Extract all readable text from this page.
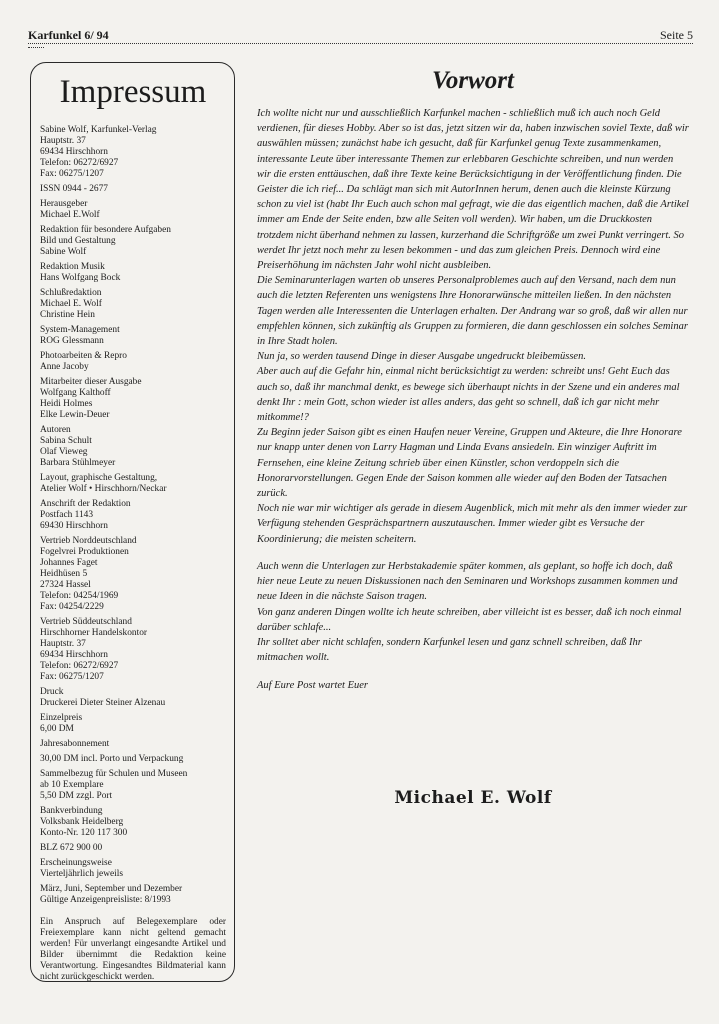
Karfunkel 6/ 94	Seite 5
Impressum
Sabine Wolf, Karfunkel-Verlag
Hauptstr. 37
69434 Hirschhorn
Telefon: 06272/6927
Fax: 06275/1207
ISSN 0944 - 2677
Herausgeber
Michael E.Wolf
Redaktion für besondere Aufgaben
Bild und Gestaltung
Sabine Wolf
Redaktion Musik
Hans Wolfgang Bock
Schlußredaktion
Michael E. Wolf
Christine Hein
System-Management
ROG Glessmann
Photoarbeiten & Repro
Anne Jacoby
Mitarbeiter dieser Ausgabe
Wolfgang Kalthoff
Heidi Holmes
Elke Lewin-Deuer
Autoren
Sabina Schult
Olaf Vieweg
Barbara Stühlmeyer
Layout, graphische Gestaltung,
Atelier Wolf • Hirschhorn/Neckar
Anschrift der Redaktion
Postfach 1143
69430 Hirschhorn
Vertrieb Norddeutschland
Fogelvrei Produktionen
Johannes Faget
Heidhüsen 5
27324 Hassel
Telefon: 04254/1969
Fax: 04254/2229
Vertrieb Süddeutschland
Hirschhorner Handelskontor
Hauptstr. 37
69434 Hirschhorn
Telefon: 06272/6927
Fax: 06275/1207
Druck
Druckerei Dieter Steiner Alzenau
Einzelpreis
6,00 DM
Jahresabonnement
30,00 DM incl. Porto und Verpackung
Sammelbezug für Schulen und Museen
ab 10 Exemplare
5,50 DM zzgl. Port
Bankverbindung
Volksbank Heidelberg
Konto-Nr. 120 117 300
BLZ 672 900 00
Erscheinungsweise
Vierteljährlich jeweils
März, Juni, September und Dezember
Gültige Anzeigenpreisliste: 8/1993
Ein Anspruch auf Belegexemplare oder Freiexemplare kann nicht geltend gemacht werden! Für unverlangt eingesandte Artikel und Bilder übernimmt die Redaktion keine Verantwortung. Eingesandtes Bildmaterial kann nicht zurückgeschickt werden.
Vorwort

Ich wollte nicht nur und ausschließlich Karfunkel machen - schließlich muß ich auch noch Geld verdienen, für dieses Hobby. Aber so ist das, jetzt sitzen wir da, haben inzwischen soviel Texte, daß wir auswählen müssen; zunächst habe ich gesucht, daß für Karfunkel genug Texte zusammenkamen, interessante Leute über interessante Themen zur erlebbaren Geschichte schreiben, und nun werden wir die ersten enttäuschen, daß ihre Texte keine Berücksichtigung in der Veröffentlichung finden. Die Geister die ich rief... Da schlägt man sich mit AutorInnen herum, denen auch die kleinste Kürzung schon zu viel ist (habt Ihr Euch auch schon mal gefragt, wie die das eigentlich machen, daß die Artikel immer am Ende der Seite enden, bzw alle Seiten voll werden). Wir haben, um die Druckkosten trotzdem nicht überhand nehmen zu lassen, kurzerhand die Schriftgröße um zwei Punkt verringert. So werdet Ihr jetzt noch mehr zu lesen bekommen - und das zum gleichen Preis. Dennoch wird eine Preiserhöhung im nächsten Jahr wohl nicht ausbleiben.

Die Seminarunterlagen warten ob unseres Personalproblemes auch auf den Versand, nach dem nun auch die letzten Referenten uns wenigstens Ihre Honorarwünsche mitteilen ließen. In den nächsten Tagen werden alle Interessenten die Unterlagen erhalten. Der Andrang war so groß, daß wir allen nur empfehlen können, sich zukünftig als Gruppen zu formieren, die dann geschlossen ein solches Seminar in Ihre Stadt holen.

Nun ja, so werden tausend Dinge in dieser Ausgabe ungedruckt bleibemüssen.

Aber auch auf die Gefahr hin, einmal nicht berücksichtigt zu werden: schreibt uns! Geht Euch das auch so, daß ihr manchmal denkt, es bewege sich überhaupt nichts in der Szene und ein anderes mal denkt Ihr : mein Gott, schon wieder ist alles anders, das geht so schnell, daß ich gar nicht mehr mitkomme!?

Zu Beginn jeder Saison gibt es einen Haufen neuer Vereine, Gruppen und Akteure, die Ihre Honorare nur knapp unter denen von Larry Hagman und Linda Evans ansiedeln. Ein winziger Auftritt im Fernsehen, eine kleine Zeitung schrieb über einen Künstler, schon verdoppeln sich die Honorarvorstellungen. Gegen Ende der Saison kommen alle wieder auf den Boden der Tatsachen zurück.

Noch nie war mir wichtiger als gerade in diesem Augenblick, mich mit mehr als den immer wieder zur Verfügung stehenden Gesprächspartnern auszutauschen. Immer wieder gibt es Versuche der Koordinierung; die meisten scheitern.

Auch wenn die Unterlagen zur Herbstakademie später kommen, als geplant, so hoffe ich doch, daß hier neue Leute zu neuen Diskussionen nach den Seminaren und Workshops zusammen kommen und neue Ideen in die nächste Saison tragen.

Von ganz anderen Dingen wollte ich heute schreiben, aber villeicht ist es besser, daß ich noch einmal darüber schlafe...

Ihr solltet aber nicht schlafen, sondern Karfunkel lesen und ganz schnell schreiben, daß Ihr mitmachen wollt.

Auf Eure Post wartet Euer
Michael E. Wolf
